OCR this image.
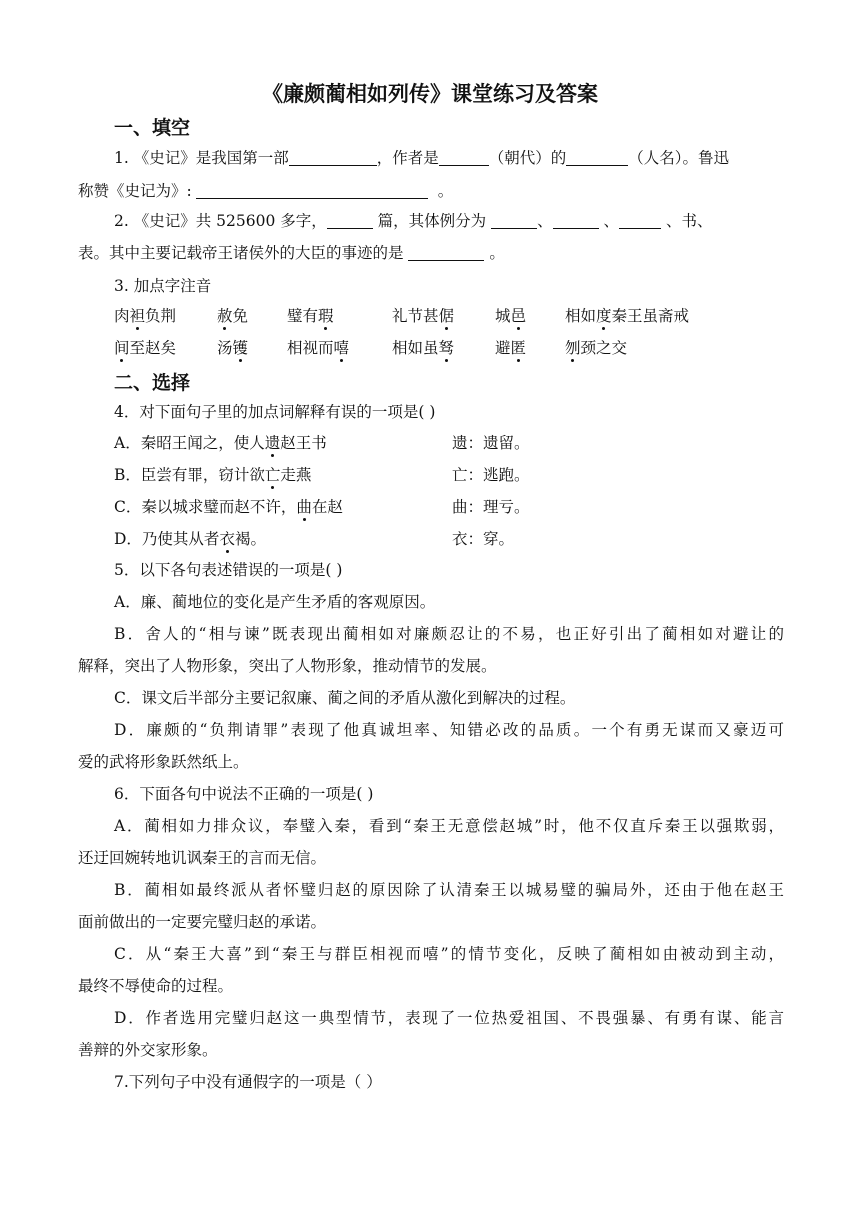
《廉颇蔺相如列传》课堂练习及答案
一、填空
1. 《史记》是我国第一部	，作者是	（朝代）的	（人名）。鲁迅
称赞《史记为》:	。
2. 《史记》共 525600 多字，	篇，其体例分为	、	、	、书、
表。其中主要记载帝王诸侯外的大臣的事迹的是	。
3. 加点字注音
肉袒负荆	赦免	璧有瑕	礼节甚倨	城邑	相如度秦王虽斋戒
间至赵矣	汤镬	相视而嘻	相如虽驽	避匿	刎颈之交
二、选择
4．对下面句子里的加点词解释有误的一项是( )
A．秦昭王闻之，使人遗赵王书	遗：遗留。
B．臣尝有罪，窃计欲亡走燕	亡：逃跑。
C．秦以城求璧而赵不许，曲在赵	曲：理亏。
D．乃使其从者衣褐。	衣：穿。
5．以下各句表述错误的一项是( )
A．廉、蔺地位的变化是产生矛盾的客观原因。
B．舍人的“相与谏”既表现出蔺相如对廉颇忍让的不易，也正好引出了蔺相如对避让的
解释，突出了人物形象，突出了人物形象，推动情节的发展。
C．课文后半部分主要记叙廉、蔺之间的矛盾从激化到解决的过程。
D．廉颇的“负荆请罪”表现了他真诚坦率、知错必改的品质。一个有勇无谋而又豪迈可
爱的武将形象跃然纸上。
6．下面各句中说法不正确的一项是( )
A．蔺相如力排众议，奉璧入秦，看到“秦王无意偿赵城”时，他不仅直斥秦王以强欺弱，
还迂回婉转地讥讽秦王的言而无信。
B．蔺相如最终派从者怀璧归赵的原因除了认清秦王以城易璧的骗局外，还由于他在赵王
面前做出的一定要完璧归赵的承诺。
C．从“秦王大喜”到“秦王与群臣相视而嘻”的情节变化，反映了蔺相如由被动到主动，
最终不辱使命的过程。
D．作者选用完璧归赵这一典型情节，表现了一位热爱祖国、不畏强暴、有勇有谋、能言
善辩的外交家形象。
7.下列句子中没有通假字的一项是（ ）
